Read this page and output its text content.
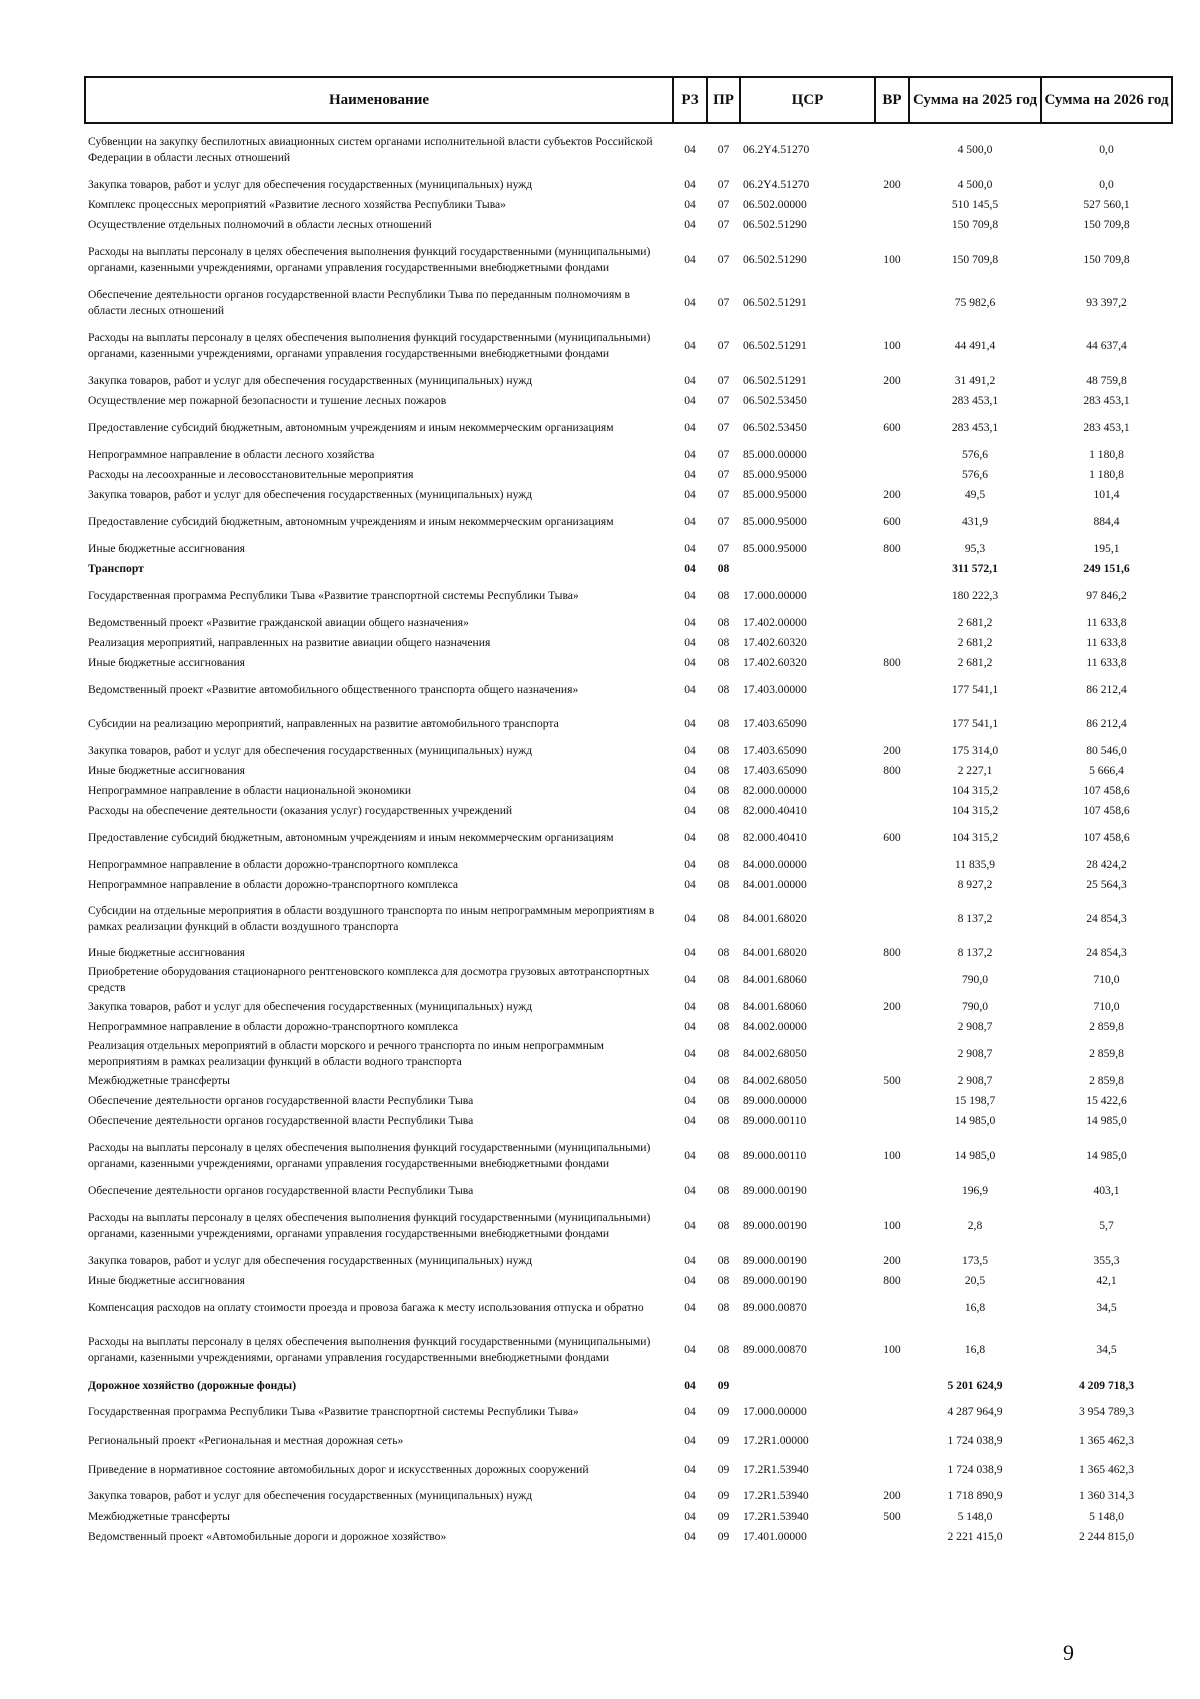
Наименование	РЗ	ПР	ЦСР	ВР	Сумма на 2025 год	Сумма на 2026 год
Субвенции на закупку беспилотных авиационных систем органами исполнительной власти субъектов Российской Федерации в области лесных отношений	04	07	06.2Y4.51270		4 500,0	0,0
Закупка товаров, работ и услуг для обеспечения государственных (муниципальных) нужд	04	07	06.2Y4.51270	200	4 500,0	0,0
Комплекс процессных мероприятий «Развитие лесного хозяйства Республики Тыва»	04	07	06.502.00000		510 145,5	527 560,1
Осуществление отдельных полномочий в области лесных отношений	04	07	06.502.51290		150 709,8	150 709,8
Расходы на выплаты персоналу в целях обеспечения выполнения функций государственными (муниципальными) органами, казенными учреждениями, органами управления государственными внебюджетными фондами	04	07	06.502.51290	100	150 709,8	150 709,8
Обеспечение деятельности органов государственной власти Республики Тыва по переданным полномочиям в области лесных отношений	04	07	06.502.51291		75 982,6	93 397,2
Расходы на выплаты персоналу в целях обеспечения выполнения функций государственными (муниципальными) органами, казенными учреждениями, органами управления государственными внебюджетными фондами	04	07	06.502.51291	100	44 491,4	44 637,4
Закупка товаров, работ и услуг для обеспечения государственных (муниципальных) нужд	04	07	06.502.51291	200	31 491,2	48 759,8
Осуществление мер пожарной безопасности и тушение лесных пожаров	04	07	06.502.53450		283 453,1	283 453,1
Предоставление субсидий бюджетным, автономным учреждениям и иным некоммерческим организациям	04	07	06.502.53450	600	283 453,1	283 453,1
Непрограммное направление в области лесного хозяйства	04	07	85.000.00000		576,6	1 180,8
Расходы на лесоохранные и лесовосстановительные мероприятия	04	07	85.000.95000		576,6	1 180,8
Закупка товаров, работ и услуг для обеспечения государственных (муниципальных) нужд	04	07	85.000.95000	200	49,5	101,4
Предоставление субсидий бюджетным, автономным учреждениям и иным некоммерческим организациям	04	07	85.000.95000	600	431,9	884,4
Иные бюджетные ассигнования	04	07	85.000.95000	800	95,3	195,1
Транспорт	04	08			311 572,1	249 151,6
Государственная программа Республики Тыва «Развитие транспортной системы Республики Тыва»	04	08	17.000.00000		180 222,3	97 846,2
Ведомственный проект «Развитие гражданской авиации общего назначения»	04	08	17.402.00000		2 681,2	11 633,8
Реализация мероприятий, направленных на развитие авиации общего назначения	04	08	17.402.60320		2 681,2	11 633,8
Иные бюджетные ассигнования	04	08	17.402.60320	800	2 681,2	11 633,8
Ведомственный проект «Развитие автомобильного общественного транспорта общего назначения»	04	08	17.403.00000		177 541,1	86 212,4
Субсидии на реализацию мероприятий, направленных на развитие автомобильного транспорта	04	08	17.403.65090		177 541,1	86 212,4
Закупка товаров, работ и услуг для обеспечения государственных (муниципальных) нужд	04	08	17.403.65090	200	175 314,0	80 546,0
Иные бюджетные ассигнования	04	08	17.403.65090	800	2 227,1	5 666,4
Непрограммное направление в области национальной экономики	04	08	82.000.00000		104 315,2	107 458,6
Расходы на обеспечение деятельности (оказания услуг) государственных учреждений	04	08	82.000.40410		104 315,2	107 458,6
Предоставление субсидий бюджетным, автономным учреждениям и иным некоммерческим организациям	04	08	82.000.40410	600	104 315,2	107 458,6
Непрограммное направление в области дорожно-транспортного комплекса	04	08	84.000.00000		11 835,9	28 424,2
Непрограммное направление в области дорожно-транспортного комплекса	04	08	84.001.00000		8 927,2	25 564,3
Субсидии на отдельные мероприятия в области воздушного транспорта по иным непрограммным мероприятиям в рамках реализации функций в области воздушного транспорта	04	08	84.001.68020		8 137,2	24 854,3
Иные бюджетные ассигнования	04	08	84.001.68020	800	8 137,2	24 854,3
Приобретение оборудования стационарного рентгеновского комплекса для досмотра грузовых автотранспортных средств	04	08	84.001.68060		790,0	710,0
Закупка товаров, работ и услуг для обеспечения государственных (муниципальных) нужд	04	08	84.001.68060	200	790,0	710,0
Непрограммное направление в области дорожно-транспортного комплекса	04	08	84.002.00000		2 908,7	2 859,8
Реализация отдельных мероприятий в области морского и речного транспорта по иным непрограммным мероприятиям в рамках реализации функций в области водного транспорта	04	08	84.002.68050		2 908,7	2 859,8
Межбюджетные трансферты	04	08	84.002.68050	500	2 908,7	2 859,8
Обеспечение деятельности органов государственной власти Республики Тыва	04	08	89.000.00000		15 198,7	15 422,6
Обеспечение деятельности органов государственной власти Республики Тыва	04	08	89.000.00110		14 985,0	14 985,0
Расходы на выплаты персоналу в целях обеспечения выполнения функций государственными (муниципальными) органами, казенными учреждениями, органами управления государственными внебюджетными фондами	04	08	89.000.00110	100	14 985,0	14 985,0
Обеспечение деятельности органов государственной власти Республики Тыва	04	08	89.000.00190		196,9	403,1
Расходы на выплаты персоналу в целях обеспечения выполнения функций государственными (муниципальными) органами, казенными учреждениями, органами управления государственными внебюджетными фондами	04	08	89.000.00190	100	2,8	5,7
Закупка товаров, работ и услуг для обеспечения государственных (муниципальных) нужд	04	08	89.000.00190	200	173,5	355,3
Иные бюджетные ассигнования	04	08	89.000.00190	800	20,5	42,1
Компенсация расходов на оплату стоимости проезда и провоза багажа к месту использования отпуска и обратно	04	08	89.000.00870		16,8	34,5
Расходы на выплаты персоналу в целях обеспечения выполнения функций государственными (муниципальными) органами, казенными учреждениями, органами управления государственными внебюджетными фондами	04	08	89.000.00870	100	16,8	34,5
Дорожное хозяйство (дорожные фонды)	04	09			5 201 624,9	4 209 718,3
Государственная программа Республики Тыва «Развитие транспортной системы Республики Тыва»	04	09	17.000.00000		4 287 964,9	3 954 789,3
Региональный проект «Региональная и местная дорожная сеть»	04	09	17.2R1.00000		1 724 038,9	1 365 462,3
Приведение в нормативное состояние автомобильных дорог и искусственных дорожных сооружений	04	09	17.2R1.53940		1 724 038,9	1 365 462,3
Закупка товаров, работ и услуг для обеспечения государственных (муниципальных) нужд	04	09	17.2R1.53940	200	1 718 890,9	1 360 314,3
Межбюджетные трансферты	04	09	17.2R1.53940	500	5 148,0	5 148,0
Ведомственный проект «Автомобильные дороги и дорожное хозяйство»	04	09	17.401.00000		2 221 415,0	2 244 815,0
9
